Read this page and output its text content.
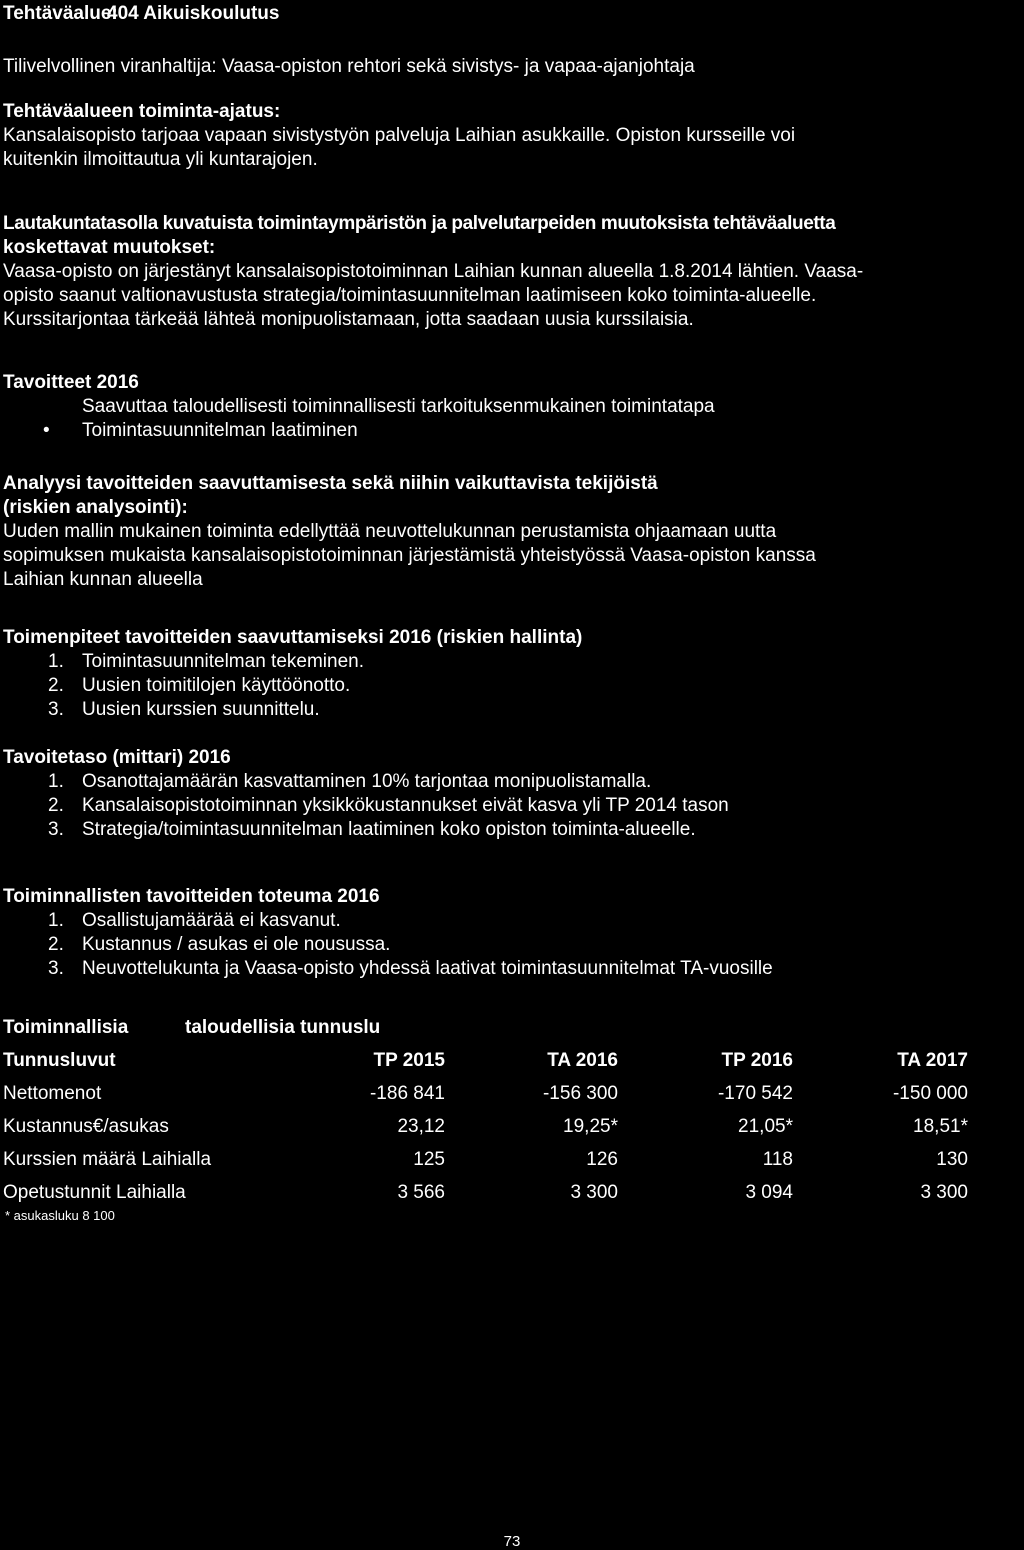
Tehtäväalue:404 Aikuiskoulutus
Tilivelvollinen viranhaltija: Vaasa-opiston rehtori sekä sivistys- ja vapaa-ajanjohtaja
Tehtäväalueen toiminta-ajatus:
Kansalaisopisto tarjoaa vapaan sivistystyön palveluja Laihian asukkaille. Opiston kursseille voi
kuitenkin ilmoittautua yli kuntarajojen.
Lautakuntatasolla kuvatuista toimintaympäristön ja palvelutarpeiden muutoksista tehtäväaluetta
koskettavat muutokset:
Vaasa-opisto on järjestänyt kansalaisopistotoiminnan Laihian kunnan alueella 1.8.2014 lähtien. Vaasa-
opisto saanut valtionavustusta strategia/toimintasuunnitelman laatimiseen koko toiminta-alueelle.
Kurssitarjontaa tärkeää lähteä monipuolistamaan, jotta saadaan uusia kurssilaisia.
Tavoitteet 2016
Saavuttaa taloudellisesti toiminnallisesti tarkoituksenmukainen toimintatapa
• Toimintasuunnitelman laatiminen
Analyysi tavoitteiden saavuttamisesta sekä niihin vaikuttavista tekijöistä
(riskien analysointi):
Uuden mallin mukainen toiminta edellyttää neuvottelukunnan perustamista ohjaamaan uutta
sopimuksen mukaista kansalaisopistotoiminnan järjestämistä yhteistyössä Vaasa-opiston kanssa
Laihian kunnan alueella
Toimenpiteet tavoitteiden saavuttamiseksi 2016 (riskien hallinta)
1. Toimintasuunnitelman tekeminen.
2. Uusien toimitilojen käyttöönotto.
3. Uusien kurssien suunnittelu.
Tavoitetaso (mittari) 2016
1. Osanottajamäärän kasvattaminen 10% tarjontaa monipuolistamalla.
2. Kansalaisopistotoiminnan yksikkökustannukset eivät kasva yli TP 2014 tason
3. Strategia/toimintasuunnitelman laatiminen koko opiston toiminta-alueelle.
Toiminnallisten tavoitteiden toteuma 2016
1. Osallistujamäärää ei kasvanut.
2. Kustannus / asukas ei ole nousussa.
3. Neuvottelukunta ja Vaasa-opisto yhdessä laativat toimintasuunnitelmat TA-vuosille
Toiminnallisia	taloudellisia tunnuslu
Tunnusluvut	TP 2015	TA 2016	TP 2016	TA 2017
Nettomenot	-186 841	-156 300	-170 542	-150 000
Kustannus€/asukas	23,12	19,25*	21,05*	18,51*
Kurssien määrä Laihialla	125	126	118	130
Opetustunnit Laihialla	3 566	3 300	3 094	3 300
* asukasluku 8 100
73
